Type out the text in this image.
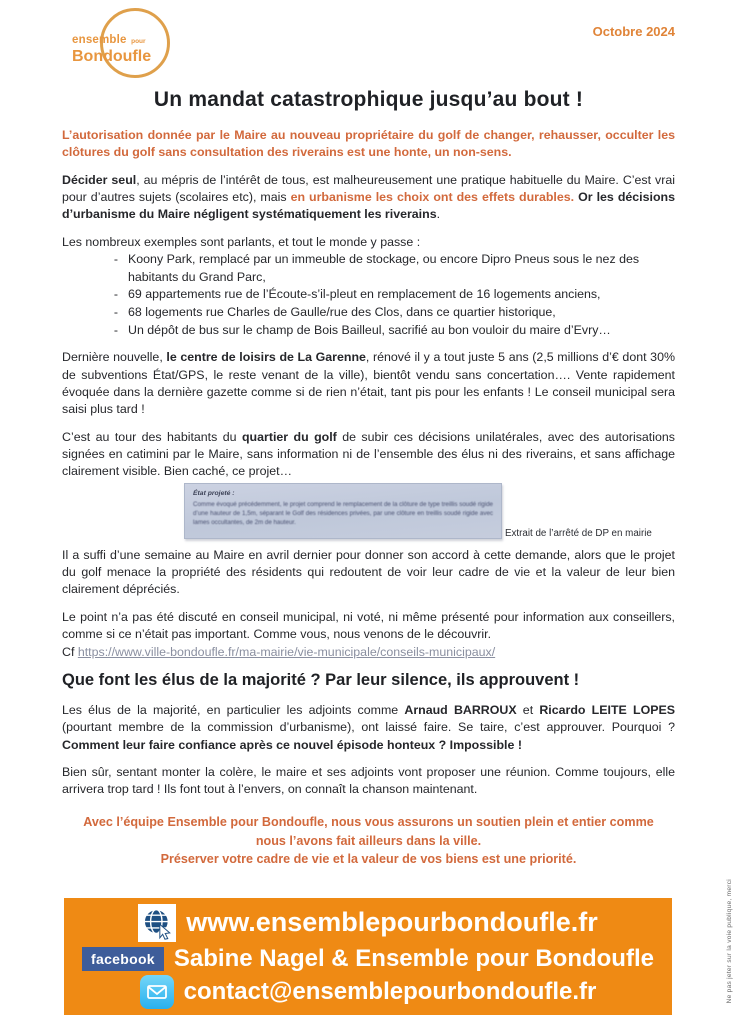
ensemble pour
Bondoufle
Octobre 2024
Un mandat catastrophique jusqu’au bout !

L’autorisation donnée par le Maire au nouveau propriétaire du golf de changer, rehausser, occulter les clôtures du golf sans consultation des riverains est une honte, un non-sens.

Décider seul, au mépris de l’intérêt de tous, est malheureusement une pratique habituelle du Maire. C’est vrai pour d’autres sujets (scolaires etc), mais en urbanisme les choix ont des effets durables. Or les décisions d’urbanisme du Maire négligent systématiquement les riverains.

Les nombreux exemples sont parlants, et tout le monde y passe :

- Koony Park, remplacé par un immeuble de stockage, ou encore Dipro Pneus sous le nez des habitants du Grand Parc,
- 69 appartements rue de l’Écoute-s’il-pleut en remplacement de 16 logements anciens,
- 68 logements rue Charles de Gaulle/rue des Clos, dans ce quartier historique,
- Un dépôt de bus sur le champ de Bois Bailleul, sacrifié au bon vouloir du maire d’Evry…

Dernière nouvelle, le centre de loisirs de La Garenne, rénové il y a tout juste 5 ans (2,5 millions d’€ dont 30% de subventions État/GPS, le reste venant de la ville), bientôt vendu sans concertation…. Vente rapidement évoquée dans la dernière gazette comme si de rien n’était, tant pis pour les enfants ! Le conseil municipal sera saisi plus tard !

C’est au tour des habitants du quartier du golf de subir ces décisions unilatérales, avec des autorisations signées en catimini par le Maire, sans information ni de l’ensemble des élus ni des riverains, et sans affichage clairement visible. Bien caché, ce projet…

État projeté :
Comme évoqué précédemment, le projet comprend le remplacement de la clôture de type treillis soudé rigide d’une hauteur de 1,5m, séparant le Golf des résidences privées, par une clôture en treillis soudé rigide avec lames occultantes, de 2m de hauteur.
Extrait de l’arrêté de DP en mairie

Il a suffi d’une semaine au Maire en avril dernier pour donner son accord à cette demande, alors que le projet du golf menace la propriété des résidents qui redoutent de voir leur cadre de vie et la valeur de leur bien clairement dépréciés.

Le point n’a pas été discuté en conseil municipal, ni voté, ni même présenté pour information aux conseillers, comme si ce n’était pas important. Comme vous, nous venons de le découvrir.

Cf https://www.ville-bondoufle.fr/ma-mairie/vie-municipale/conseils-municipaux/

Que font les élus de la majorité ? Par leur silence, ils approuvent !

Les élus de la majorité, en particulier les adjoints comme Arnaud BARROUX et Ricardo LEITE LOPES (pourtant membre de la commission d’urbanisme), ont laissé faire. Se taire, c’est approuver. Pourquoi ? Comment leur faire confiance après ce nouvel épisode honteux ? Impossible !

Bien sûr, sentant monter la colère, le maire et ses adjoints vont proposer une réunion. Comme toujours, elle arrivera trop tard ! Ils font tout à l’envers, on connaît la chanson maintenant.

Avec l’équipe Ensemble pour Bondoufle, nous vous assurons un soutien plein et entier comme nous l’avons fait ailleurs dans la ville.
Préserver votre cadre de vie et la valeur de vos biens est une priorité.
www.ensemblepourbondoufle.fr
facebook Sabine Nagel & Ensemble pour Bondoufle
contact@ensemblepourbondoufle.fr	Ne pas jeter sur la voie publique, merci
